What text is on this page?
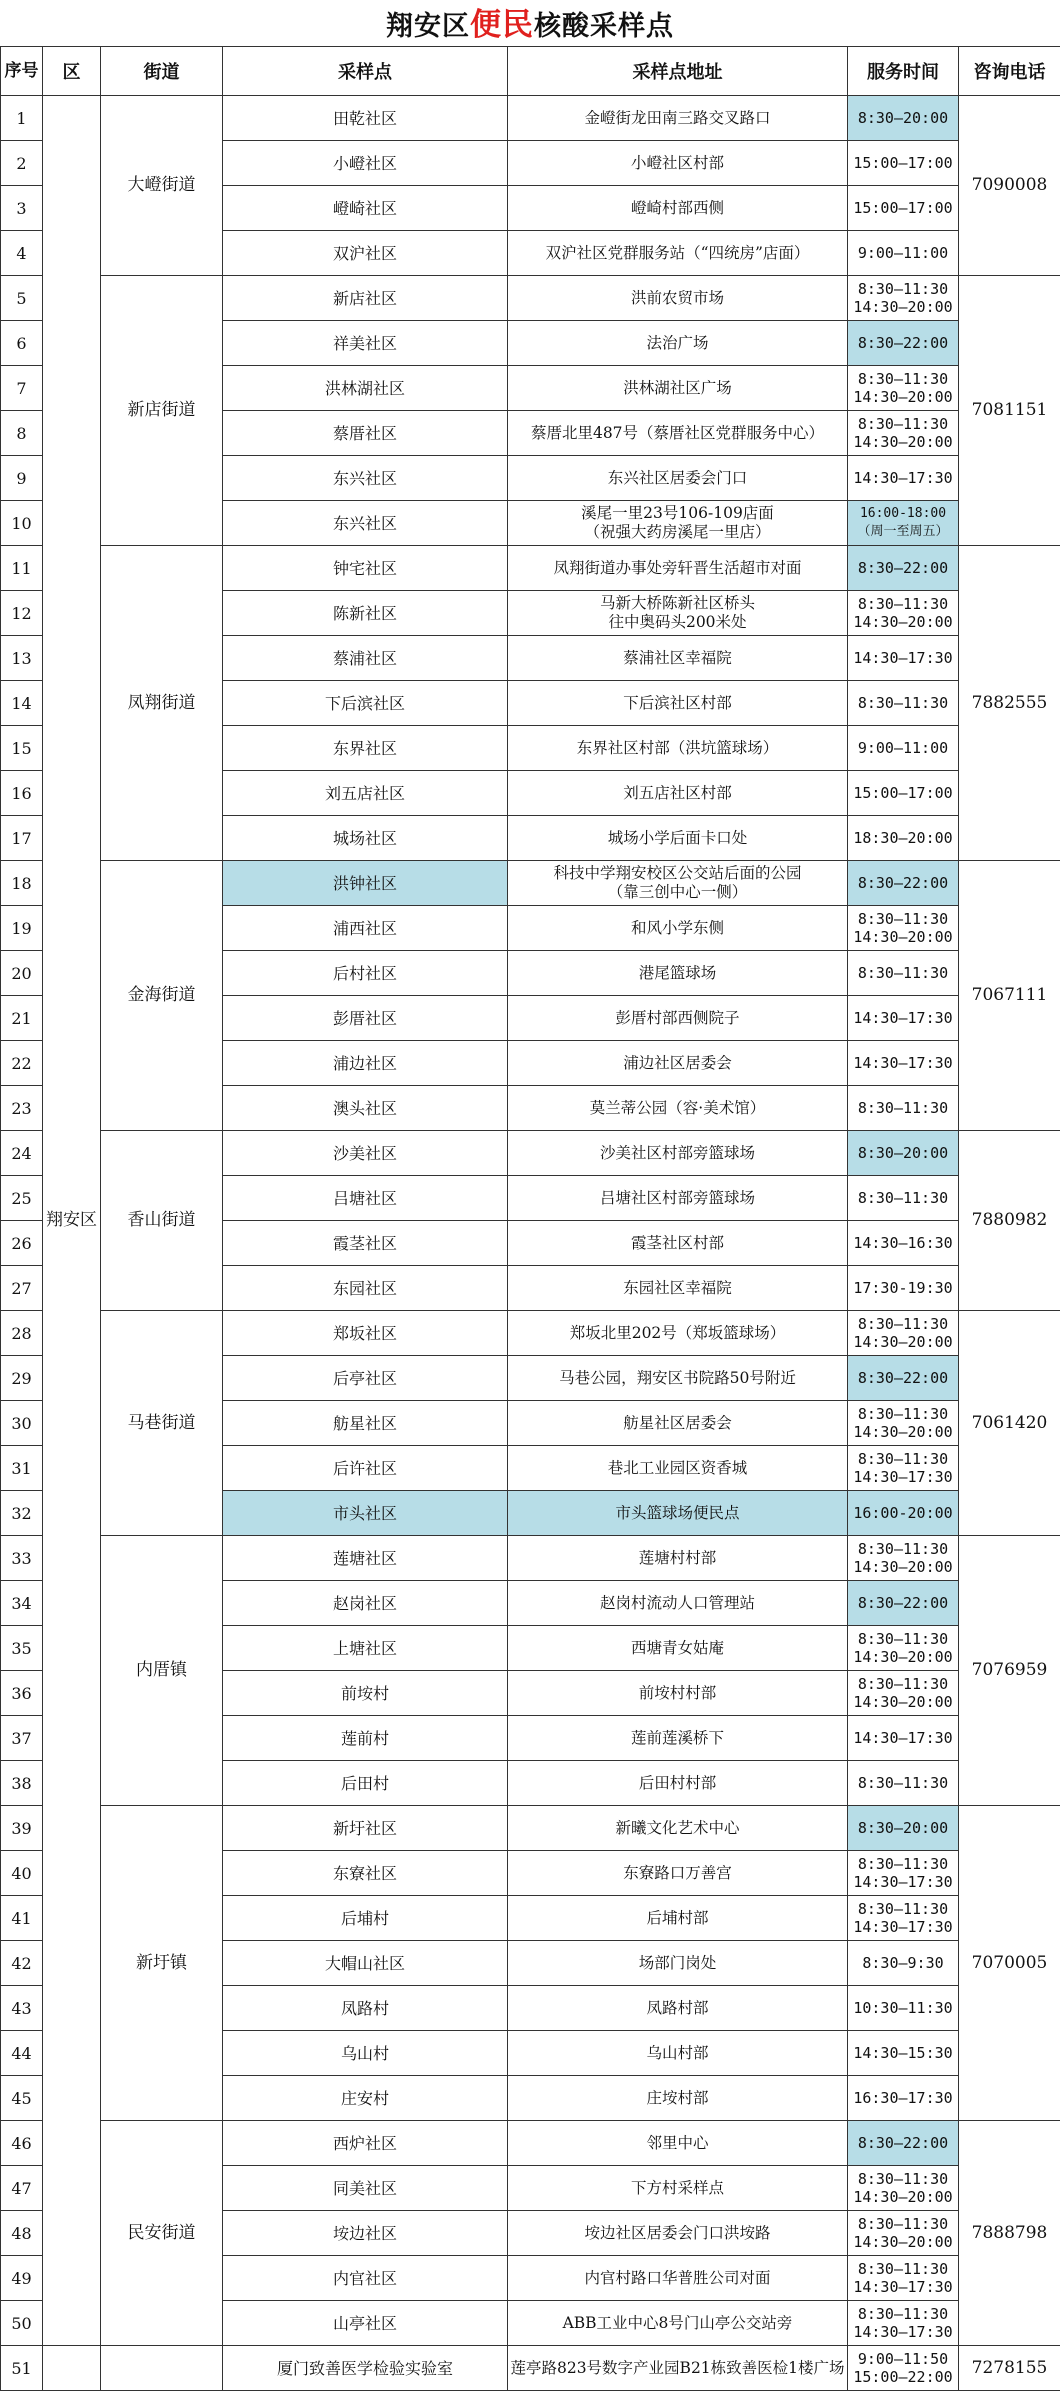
翔安区便民核酸采样点
序号	区	街道	采样点	采样点地址	服务时间	咨询电话
1	翔安区	大嶝街道	田乾社区	金嶝街龙田南三路交叉路口	8:30—20:00	7090008
2			小嶝社区	小嶝社区村部	15:00—17:00	
3			嶝崎社区	嶝崎村部西侧	15:00—17:00	
4			双沪社区	双沪社区党群服务站（“四统房”店面）	9:00—11:00	
5		新店街道	新店社区	洪前农贸市场	8:30—11:30
14:30—20:00	7081151
6			祥美社区	法治广场	8:30—22:00	
7			洪林湖社区	洪林湖社区广场	8:30—11:30
14:30—20:00	
8			蔡厝社区	蔡厝北里487号（蔡厝社区党群服务中心）	8:30—11:30
14:30—20:00	
9			东兴社区	东兴社区居委会门口	14:30—17:30	
10			东兴社区	溪尾一里23号106-109店面
（祝强大药房溪尾一里店）	16:00-18:00
（周一至周五）	
11		凤翔街道	钟宅社区	凤翔街道办事处旁轩晋生活超市对面	8:30—22:00	7882555
12			陈新社区	马新大桥陈新社区桥头
往中奥码头200米处	8:30—11:30
14:30—20:00	
13			蔡浦社区	蔡浦社区幸福院	14:30—17:30	
14			下后滨社区	下后滨社区村部	8:30—11:30	
15			东界社区	东界社区村部（洪坑篮球场）	9:00—11:00	
16			刘五店社区	刘五店社区村部	15:00—17:00	
17			城场社区	城场小学后面卡口处	18:30—20:00	
18		金海街道	洪钟社区	科技中学翔安校区公交站后面的公园
（靠三创中心一侧）	8:30—22:00	7067111
19			浦西社区	和风小学东侧	8:30—11:30
14:30—20:00	
20			后村社区	港尾篮球场	8:30—11:30	
21			彭厝社区	彭厝村部西侧院子	14:30—17:30	
22			浦边社区	浦边社区居委会	14:30—17:30	
23			澳头社区	莫兰蒂公园（容·美术馆）	8:30—11:30	
24		香山街道	沙美社区	沙美社区村部旁篮球场	8:30—20:00	7880982
25			吕塘社区	吕塘社区村部旁篮球场	8:30—11:30	
26			霞茎社区	霞茎社区村部	14:30—16:30	
27			东园社区	东园社区幸福院	17:30-19:30	
28		马巷街道	郑坂社区	郑坂北里202号（郑坂篮球场）	8:30—11:30
14:30—20:00	7061420
29			后亭社区	马巷公园，翔安区书院路50号附近	8:30—22:00	
30			舫星社区	舫星社区居委会	8:30—11:30
14:30—20:00	
31			后许社区	巷北工业园区资香城	8:30—11:30
14:30—17:30	
32			市头社区	市头篮球场便民点	16:00-20:00	
33		内厝镇	莲塘社区	莲塘村村部	8:30—11:30
14:30—20:00	7076959
34			赵岗社区	赵岗村流动人口管理站	8:30—22:00	
35			上塘社区	西塘青女姑庵	8:30—11:30
14:30—20:00	
36			前垵村	前垵村村部	8:30—11:30
14:30—20:00	
37			莲前村	莲前莲溪桥下	14:30—17:30	
38			后田村	后田村村部	8:30—11:30	
39		新圩镇	新圩社区	新曦文化艺术中心	8:30—20:00	7070005
40			东寮社区	东寮路口万善宫	8:30—11:30
14:30—17:30	
41			后埔村	后埔村部	8:30—11:30
14:30—17:30	
42			大帽山社区	场部门岗处	8:30—9:30	
43			凤路村	凤路村部	10:30—11:30	
44			乌山村	乌山村部	14:30—15:30	
45			庄安村	庄垵村部	16:30—17:30	
46		民安街道	西炉社区	邻里中心	8:30—22:00	7888798
47			同美社区	下方村采样点	8:30—11:30
14:30—20:00	
48			垵边社区	垵边社区居委会门口洪垵路	8:30—11:30
14:30—20:00	
49			内官社区	内官村路口华普胜公司对面	8:30—11:30
14:30—17:30	
50			山亭社区	ABB工业中心8号门山亭公交站旁	8:30—11:30
14:30—17:30	
51			厦门致善医学检验实验室	莲亭路823号数字产业园B21栋致善医检1楼广场	9:00—11:50
15:00—22:00	7278155
